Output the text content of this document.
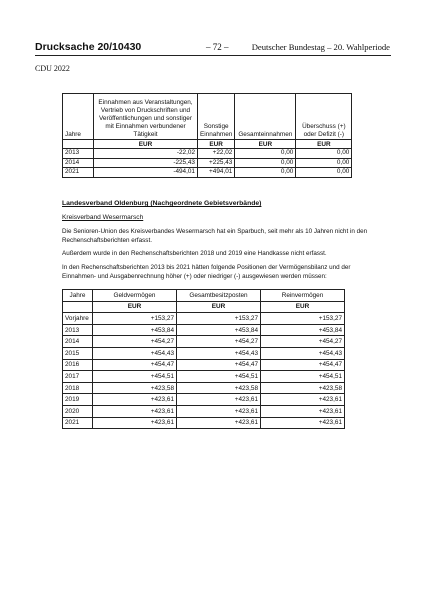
Drucksache 20/10430	– 72 –	Deutscher Bundestag – 20. Wahlperiode
CDU 2022
Jahre	Einnahmen aus Veranstaltungen, Vertrieb von Druckschriften und Veröffentlichungen und sonstiger mit Einnahmen verbundener Tätigkeit	Sonstige Einnahmen	Gesamteinnahmen	Überschuss (+) oder Defizit (-)
	EUR	EUR	EUR	EUR
2013	-22,02	+22,02	0,00	0,00
2014	-225,43	+225,43	0,00	0,00
2021	-494,01	+494,01	0,00	0,00
Landesverband Oldenburg (Nachgeordnete Gebietsverbände)
Kreisverband Wesermarsch
Die Senioren-Union des Kreisverbandes Wesermarsch hat ein Sparbuch, seit mehr als 10 Jahren nicht in den Rechenschaftsberichten erfasst.
Außerdem wurde in den Rechenschaftsberichten 2018 und 2019 eine Handkasse nicht erfasst.
In den Rechenschaftsberichten 2013 bis 2021 hätten folgende Positionen der Vermögensbilanz und der Einnahmen- und Ausgabenrechnung höher (+) oder niedriger (-) ausgewiesen werden müssen:
Jahre	Geldvermögen	Gesamtbesitzposten	Reinvermögen
	EUR	EUR	EUR
Vorjahre	+153,27	+153,27	+153,27
2013	+453,84	+453,84	+453,84
2014	+454,27	+454,27	+454,27
2015	+454,43	+454,43	+454,43
2016	+454,47	+454,47	+454,47
2017	+454,51	+454,51	+454,51
2018	+423,58	+423,58	+423,58
2019	+423,61	+423,61	+423,61
2020	+423,61	+423,61	+423,61
2021	+423,61	+423,61	+423,61
